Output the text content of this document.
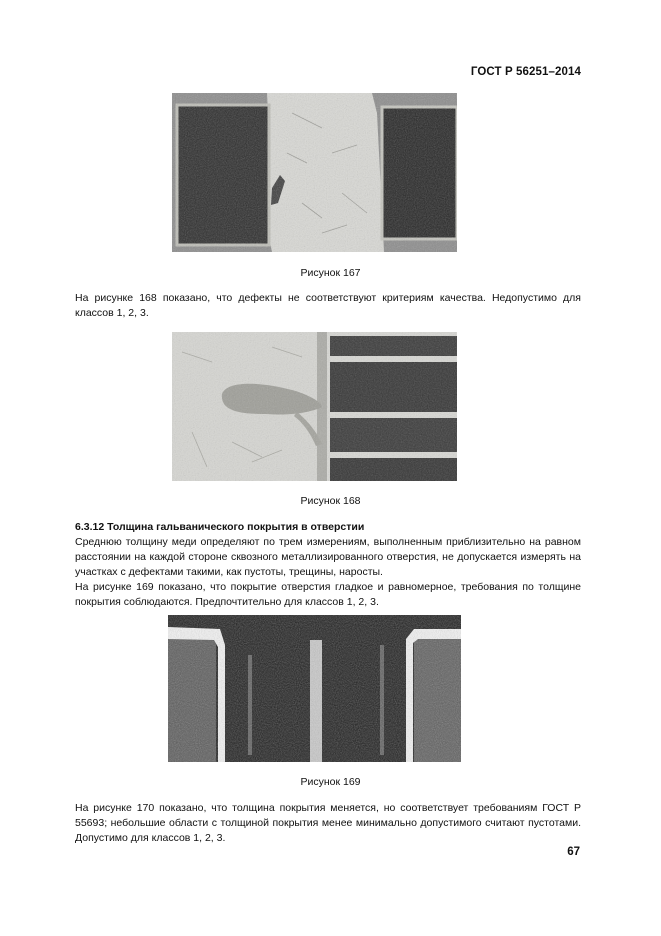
ГОСТ Р 56251–2014
Рисунок 167
На рисунке 168 показано, что дефекты не соответствуют критериям качества. Недопустимо для классов 1, 2, 3.
Рисунок 168
6.3.12 Толщина гальванического покрытия в отверстии
Среднюю толщину меди определяют по трем измерениям, выполненным приблизительно на равном расстоянии на каждой стороне сквозного металлизированного отверстия, не допускается измерять на участках с дефектами такими, как пустоты, трещины, наросты.
На рисунке 169 показано, что покрытие отверстия гладкое и равномерное, требования по толщине покрытия соблюдаются. Предпочтительно для классов 1, 2, 3.
Рисунок 169
На рисунке 170 показано, что толщина покрытия меняется, но соответствует требованиям ГОСТ Р 55693; небольшие области с толщиной покрытия менее минимально допустимого считают пустотами. Допустимо для классов 1, 2, 3.
67
